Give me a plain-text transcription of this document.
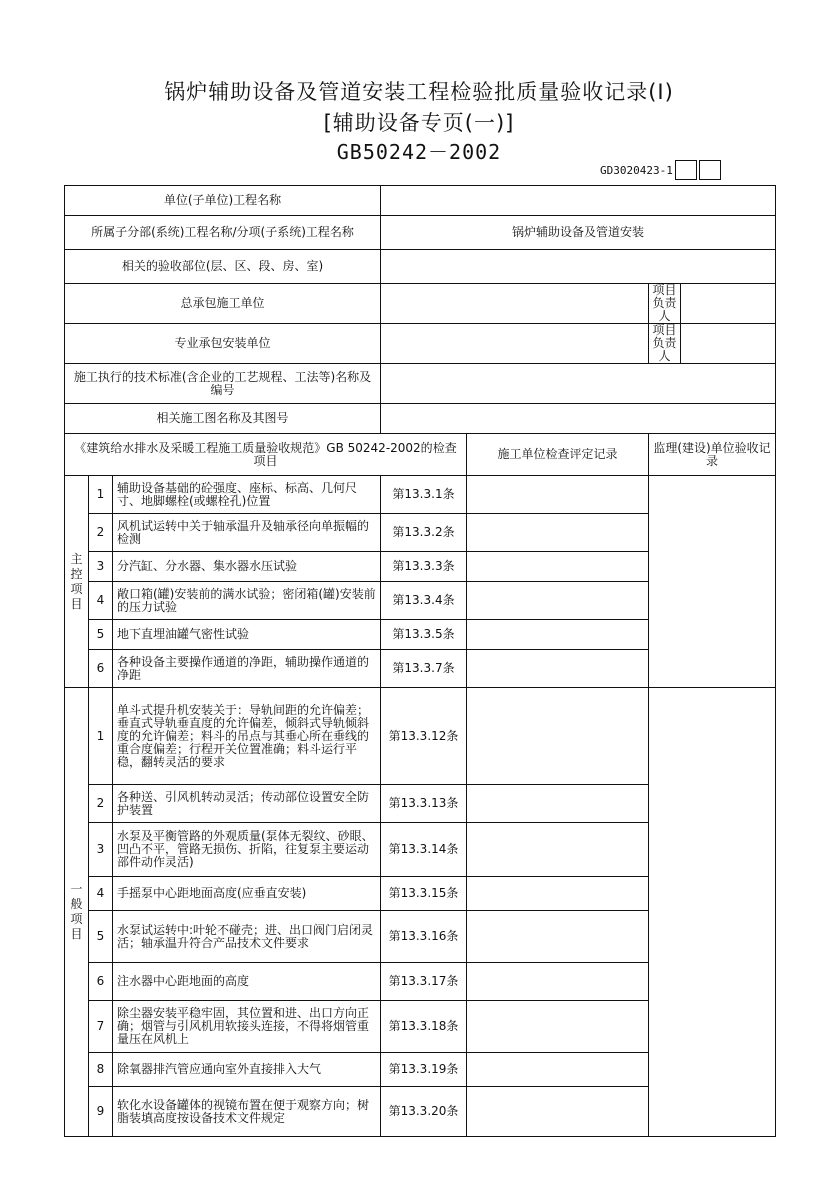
锅炉辅助设备及管道安装工程检验批质量验收记录(Ⅰ)
[辅助设备专页(一)]
GB50242－2002
GD3020423-1
单位(子单位)工程名称						
所属子分部(系统)工程名称/分项(子系统)工程名称			锅炉辅助设备及管道安装			
相关的验收部位(层、区、段、房、室)						
总承包施工单位					项目负责人	
专业承包安装单位					项目负责人	
施工执行的技术标准(含企业的工艺规程、工法等)名称及编号						
相关施工图名称及其图号						
《建筑给水排水及采暖工程施工质量验收规范》GB 50242-2002的检查项目				施工单位检查评定记录	监理(建设)单位验收记录	

主
控
项
目	1	辅助设备基础的砼强度、座标、标高、几何尺寸、地脚螺栓(或螺栓孔)位置	第13.3.1条			
	2	风机试运转中关于轴承温升及轴承径向单振幅的检测	第13.3.2条			
	3	分汽缸、分水器、集水器水压试验	第13.3.3条			
	4	敞口箱(罐)安装前的满水试验；密闭箱(罐)安装前的压力试验	第13.3.4条			
	5	地下直埋油罐气密性试验	第13.3.5条			
	6	各种设备主要操作通道的净距，辅助操作通道的净距	第13.3.7条			

一
般
项
目	1	单斗式提升机安装关于：导轨间距的允许偏差；垂直式导轨垂直度的允许偏差，倾斜式导轨倾斜度的允许偏差；料斗的吊点与其垂心所在垂线的重合度偏差；行程开关位置准确；料斗运行平稳，翻转灵活的要求	第13.3.12条			
	2	各种送、引风机转动灵活；传动部位设置安全防护装置	第13.3.13条			
	3	水泵及平衡管路的外观质量(泵体无裂纹、砂眼、凹凸不平，管路无损伤、折陷，往复泵主要运动部件动作灵活)	第13.3.14条			
	4	手摇泵中心距地面高度(应垂直安装)	第13.3.15条			
	5	水泵试运转中:叶轮不碰壳；进、出口阀门启闭灵活；轴承温升符合产品技术文件要求	第13.3.16条			
	6	注水器中心距地面的高度	第13.3.17条			
	7	除尘器安装平稳牢固，其位置和进、出口方向正确；烟管与引风机用软接头连接，不得将烟管重量压在风机上	第13.3.18条			
	8	除氧器排汽管应通向室外直接排入大气	第13.3.19条			
	9	软化水设备罐体的视镜布置在便于观察方向；树脂装填高度按设备技术文件规定	第13.3.20条			
